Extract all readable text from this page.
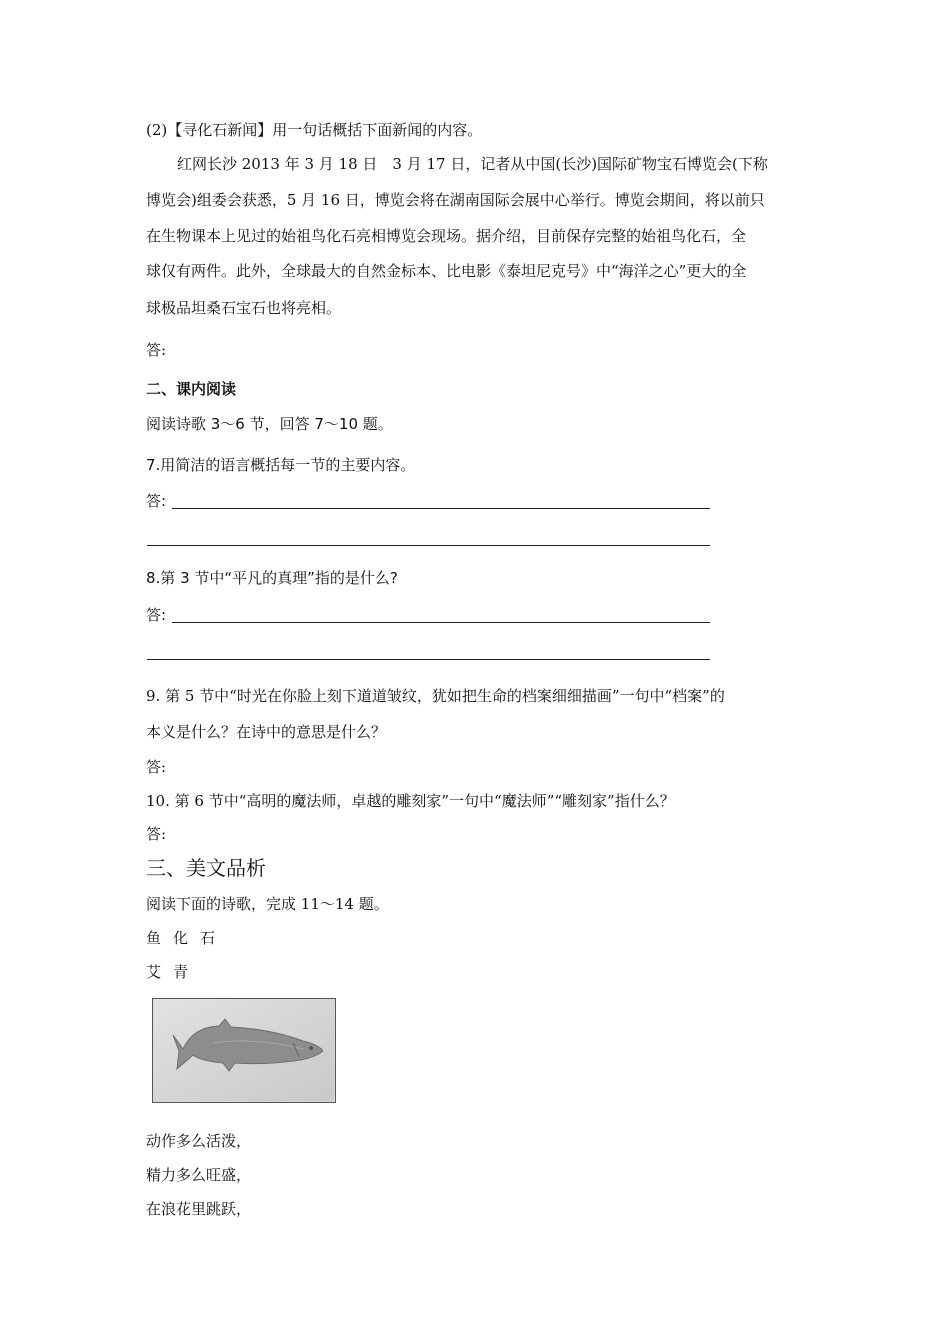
(2)【寻化石新闻】用一句话概括下面新闻的内容。
红网长沙 2013 年 3 月 18 日　3 月 17 日，记者从中国(长沙)国际矿物宝石博览会(下称
博览会)组委会获悉，5 月 16 日，博览会将在湖南国际会展中心举行。博览会期间，将以前只
在生物课本上见过的始祖鸟化石亮相博览会现场。据介绍，目前保存完整的始祖鸟化石，全
球仅有两件。此外，全球最大的自然金标本、比电影《泰坦尼克号》中“海洋之心”更大的全
球极品坦桑石宝石也将亮相。
答:
二、课内阅读
阅读诗歌 3～6 节，回答 7～10 题。
7.用简洁的语言概括每一节的主要内容。
答:
8.第 3 节中“平凡的真理”指的是什么?
答:
9. 第 5 节中“时光在你脸上刻下道道皱纹，犹如把生命的档案细细描画”一句中“档案”的
本义是什么？在诗中的意思是什么？
答:
10. 第 6 节中“高明的魔法师，卓越的雕刻家”一句中“魔法师”“雕刻家”指什么？
答:
三、美文品析
阅读下面的诗歌，完成 11～14 题。
鱼化石
艾青
动作多么活泼，
精力多么旺盛，
在浪花里跳跃，
